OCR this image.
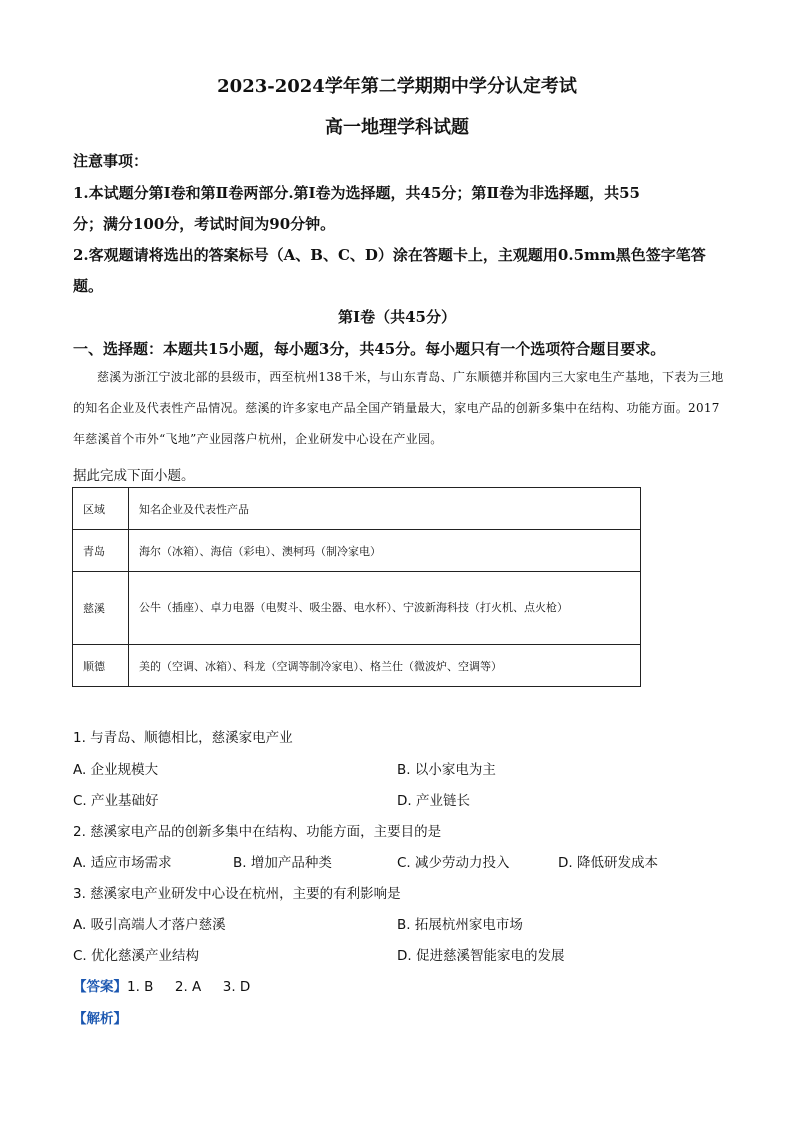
2023-2024学年第二学期期中学分认定考试
高一地理学科试题
注意事项：
1.本试题分第Ⅰ卷和第Ⅱ卷两部分.第Ⅰ卷为选择题，共45分；第Ⅱ卷为非选择题，共55
分；满分100分，考试时间为90分钟。
2.客观题请将选出的答案标号（A、B、C、D）涂在答题卡上，主观题用0.5mm黑色签字笔答
题。
第Ⅰ卷（共45分）
一、选择题：本题共15小题，每小题3分，共45分。每小题只有一个选项符合题目要求。
慈溪为浙江宁波北部的县级市，西至杭州138千米，与山东青岛、广东顺德并称国内三大家电生产基地，下表为三地的知名企业及代表性产品情况。慈溪的许多家电产品全国产销量最大，家电产品的创新多集中在结构、功能方面。2017年慈溪首个市外“飞地”产业园落户杭州，企业研发中心设在产业园。
据此完成下面小题。
区域	知名企业及代表性产品
青岛	海尔（冰箱）、海信（彩电）、澳柯玛（制冷家电）
慈溪	公牛（插座）、卓力电器（电熨斗、吸尘器、电水杯）、宁波新海科技（打火机、点火枪）
顺德	美的（空调、冰箱）、科龙（空调等制冷家电）、格兰仕（微波炉、空调等）
1. 与青岛、顺德相比，慈溪家电产业
A. 企业规模大	B. 以小家电为主
C. 产业基础好	D. 产业链长
2. 慈溪家电产品的创新多集中在结构、功能方面，主要目的是
A. 适应市场需求	B. 增加产品种类	C. 减少劳动力投入	D. 降低研发成本
3. 慈溪家电产业研发中心设在杭州，主要的有利影响是
A. 吸引高端人才落户慈溪	B. 拓展杭州家电市场
C. 优化慈溪产业结构	D. 促进慈溪智能家电的发展
【答案】1. B     2. A     3. D
【解析】
